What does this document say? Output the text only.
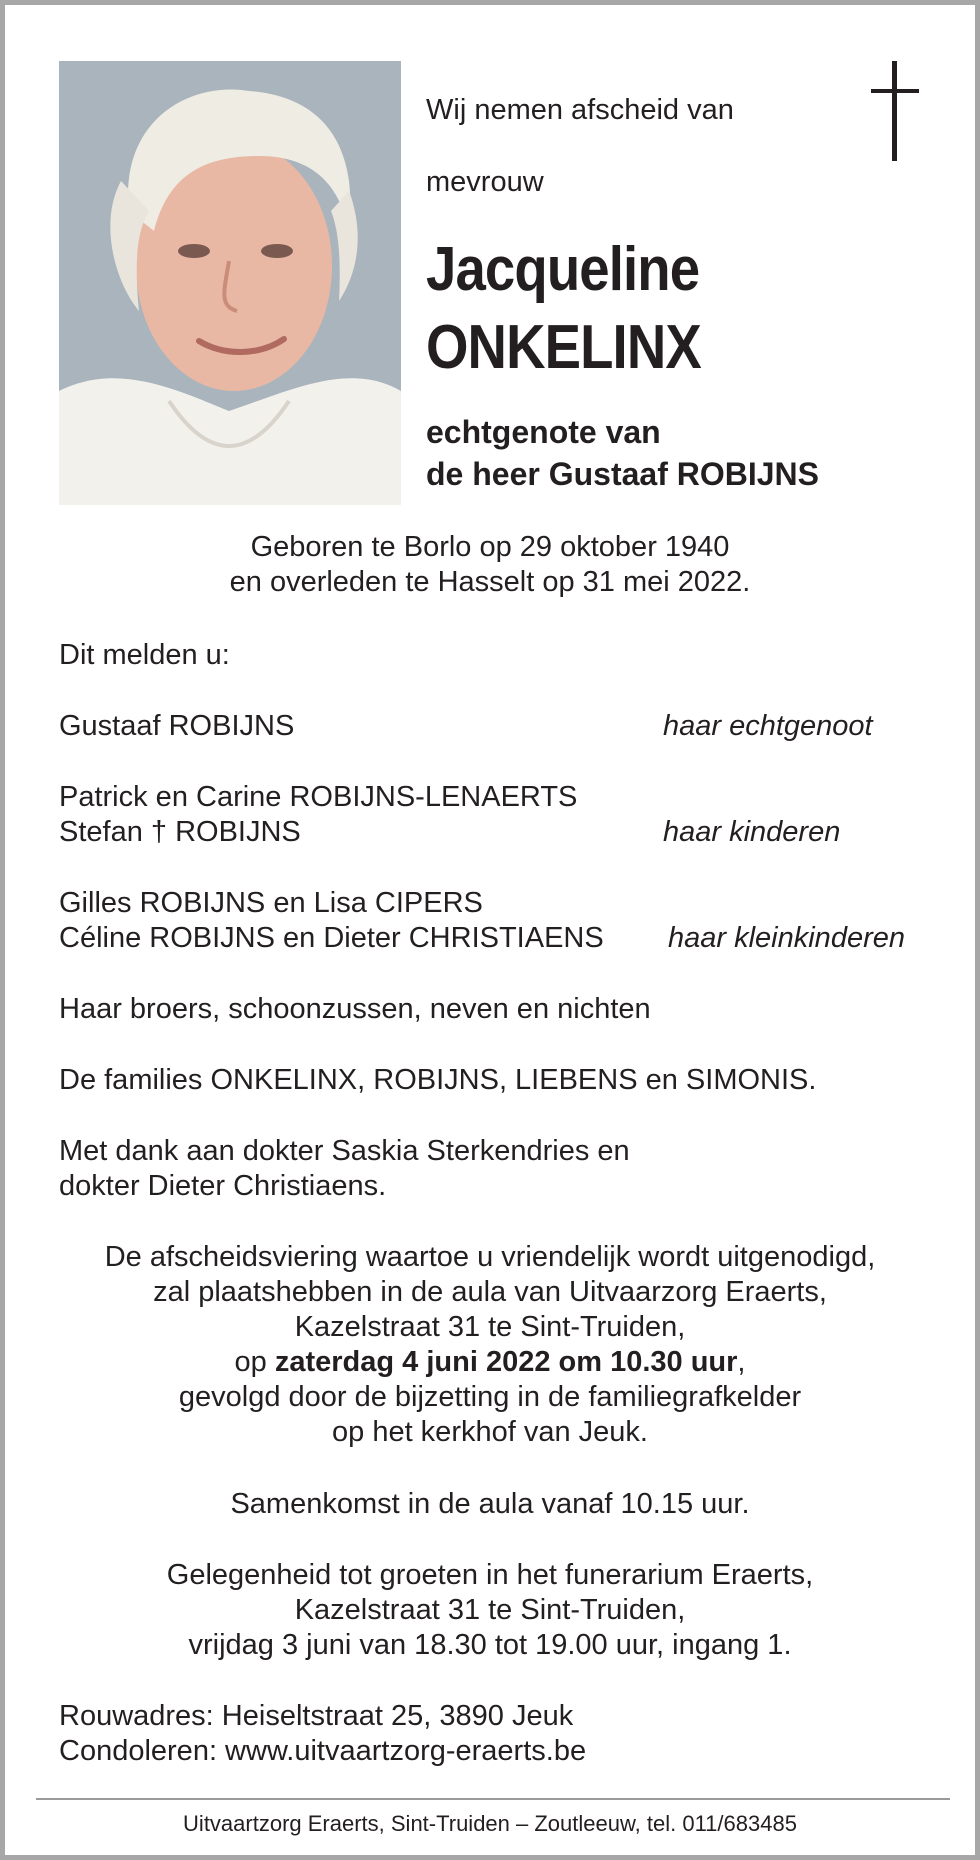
Wij nemen afscheid van
mevrouw
Jacqueline
ONKELINX
echtgenote van
de heer Gustaaf ROBIJNS
Geboren te Borlo op 29 oktober 1940
en overleden te Hasselt op 31 mei 2022.
Dit melden u:
Gustaaf ROBIJNS	haar echtgenoot
Patrick en Carine ROBIJNS-LENAERTS
Stefan † ROBIJNS	haar kinderen
Gilles ROBIJNS en Lisa CIPERS
Céline ROBIJNS en Dieter CHRISTIAENS haar kleinkinderen
Haar broers, schoonzussen, neven en nichten
De families ONKELINX, ROBIJNS, LIEBENS en SIMONIS.
Met dank aan dokter Saskia Sterkendries en
dokter Dieter Christiaens.
De afscheidsviering waartoe u vriendelijk wordt uitgenodigd,
zal plaatshebben in de aula van Uitvaarzorg Eraerts,
Kazelstraat 31 te Sint-Truiden,
op zaterdag 4 juni 2022 om 10.30 uur,
gevolgd door de bijzetting in de familiegrafkelder
op het kerkhof van Jeuk.
Samenkomst in de aula vanaf 10.15 uur.
Gelegenheid tot groeten in het funerarium Eraerts,
Kazelstraat 31 te Sint-Truiden,
vrijdag 3 juni van 18.30 tot 19.00 uur, ingang 1.
Rouwadres: Heiseltstraat 25, 3890 Jeuk
Condoleren: www.uitvaartzorg-eraerts.be
Uitvaartzorg Eraerts, Sint-Truiden – Zoutleeuw, tel. 011/683485
